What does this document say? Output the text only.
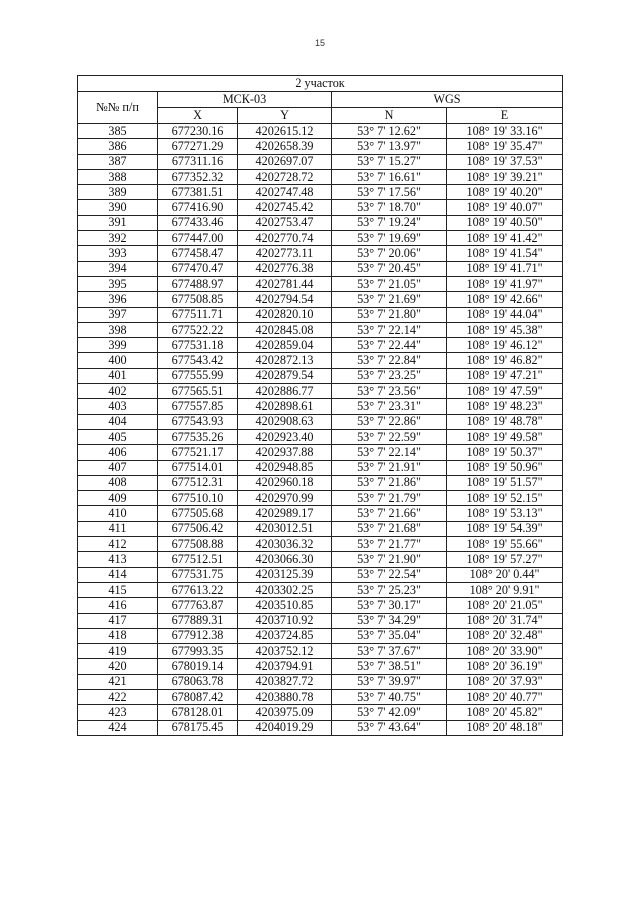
15
2 участок				
№№ п/п	МСК-03		WGS	
	X	Y	N	E
385	677230.16	4202615.12	53° 7' 12.62"	108° 19' 33.16"
386	677271.29	4202658.39	53° 7' 13.97"	108° 19' 35.47"
387	677311.16	4202697.07	53° 7' 15.27"	108° 19' 37.53"
388	677352.32	4202728.72	53° 7' 16.61"	108° 19' 39.21"
389	677381.51	4202747.48	53° 7' 17.56"	108° 19' 40.20"
390	677416.90	4202745.42	53° 7' 18.70"	108° 19' 40.07"
391	677433.46	4202753.47	53° 7' 19.24"	108° 19' 40.50"
392	677447.00	4202770.74	53° 7' 19.69"	108° 19' 41.42"
393	677458.47	4202773.11	53° 7' 20.06"	108° 19' 41.54"
394	677470.47	4202776.38	53° 7' 20.45"	108° 19' 41.71"
395	677488.97	4202781.44	53° 7' 21.05"	108° 19' 41.97"
396	677508.85	4202794.54	53° 7' 21.69"	108° 19' 42.66"
397	677511.71	4202820.10	53° 7' 21.80"	108° 19' 44.04"
398	677522.22	4202845.08	53° 7' 22.14"	108° 19' 45.38"
399	677531.18	4202859.04	53° 7' 22.44"	108° 19' 46.12"
400	677543.42	4202872.13	53° 7' 22.84"	108° 19' 46.82"
401	677555.99	4202879.54	53° 7' 23.25"	108° 19' 47.21"
402	677565.51	4202886.77	53° 7' 23.56"	108° 19' 47.59"
403	677557.85	4202898.61	53° 7' 23.31"	108° 19' 48.23"
404	677543.93	4202908.63	53° 7' 22.86"	108° 19' 48.78"
405	677535.26	4202923.40	53° 7' 22.59"	108° 19' 49.58"
406	677521.17	4202937.88	53° 7' 22.14"	108° 19' 50.37"
407	677514.01	4202948.85	53° 7' 21.91"	108° 19' 50.96"
408	677512.31	4202960.18	53° 7' 21.86"	108° 19' 51.57"
409	677510.10	4202970.99	53° 7' 21.79"	108° 19' 52.15"
410	677505.68	4202989.17	53° 7' 21.66"	108° 19' 53.13"
411	677506.42	4203012.51	53° 7' 21.68"	108° 19' 54.39"
412	677508.88	4203036.32	53° 7' 21.77"	108° 19' 55.66"
413	677512.51	4203066.30	53° 7' 21.90"	108° 19' 57.27"
414	677531.75	4203125.39	53° 7' 22.54"	108° 20' 0.44"
415	677613.22	4203302.25	53° 7' 25.23"	108° 20' 9.91"
416	677763.87	4203510.85	53° 7' 30.17"	108° 20' 21.05"
417	677889.31	4203710.92	53° 7' 34.29"	108° 20' 31.74"
418	677912.38	4203724.85	53° 7' 35.04"	108° 20' 32.48"
419	677993.35	4203752.12	53° 7' 37.67"	108° 20' 33.90"
420	678019.14	4203794.91	53° 7' 38.51"	108° 20' 36.19"
421	678063.78	4203827.72	53° 7' 39.97"	108° 20' 37.93"
422	678087.42	4203880.78	53° 7' 40.75"	108° 20' 40.77"
423	678128.01	4203975.09	53° 7' 42.09"	108° 20' 45.82"
424	678175.45	4204019.29	53° 7' 43.64"	108° 20' 48.18"
